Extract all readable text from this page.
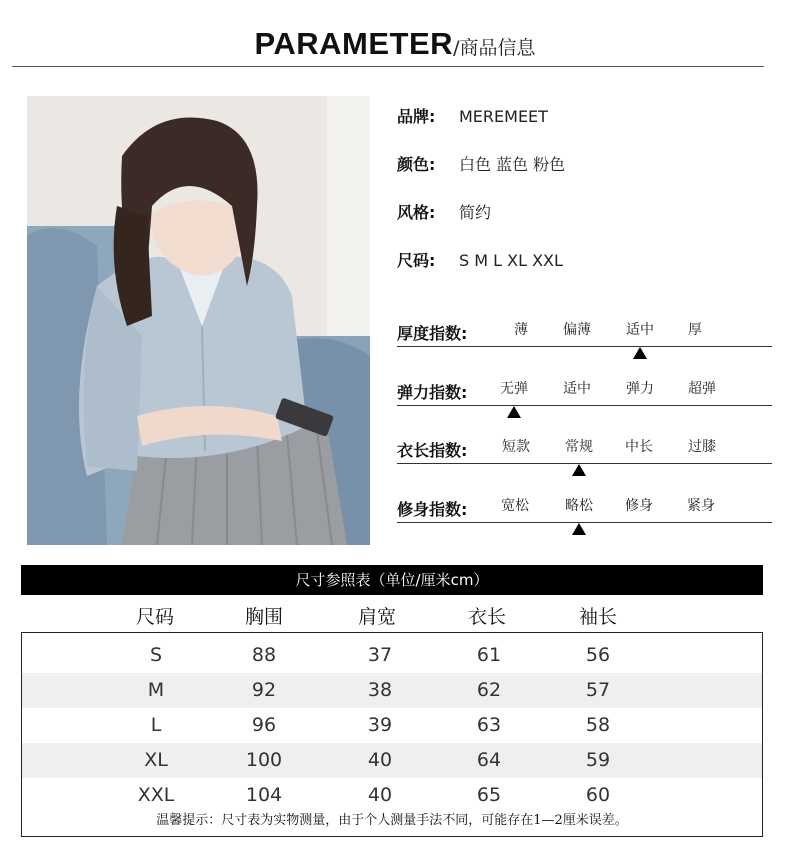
PARAMETER/商品信息
品牌: MEREMEET
颜色: 白色 蓝色 粉色
风格: 简约
尺码: S M L XL XXL
厚度指数:	薄	偏薄	适中	厚
弹力指数:	无弹	适中	弹力	超弹
衣长指数:	短款	常规	中长	过膝
修身指数:	宽松	略松	修身	紧身
尺寸参照表（单位/厘米cm）
尺码	胸围	肩宽	衣长	袖长
S	88	37	61	56
M	92	38	62	57
L	96	39	63	58
XL	100	40	64	59
XXL	104	40	65	60
温馨提示：尺寸表为实物测量，由于个人测量手法不同，可能存在1—2厘米误差。
